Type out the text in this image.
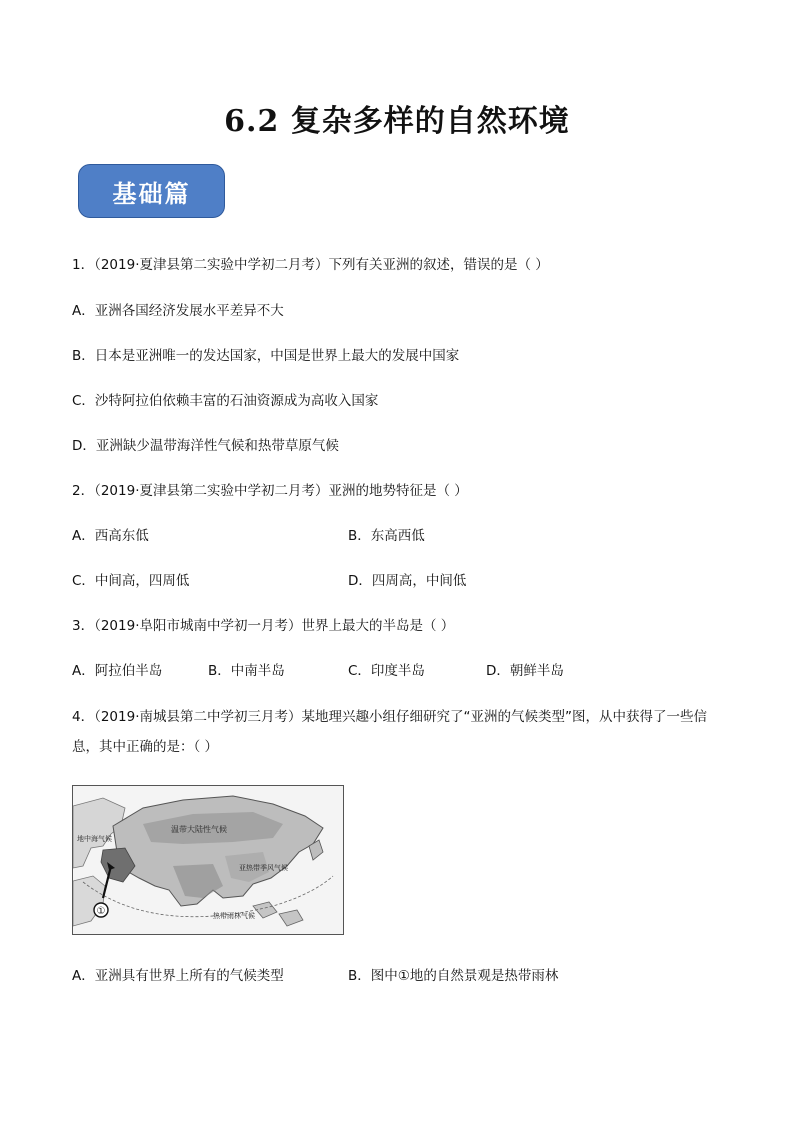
6.2 复杂多样的自然环境
基础篇
1．（2019·夏津县第二实验中学初二月考）下列有关亚洲的叙述，错误的是（ ）
A．亚洲各国经济发展水平差异不大
B．日本是亚洲唯一的发达国家，中国是世界上最大的发展中国家
C．沙特阿拉伯依赖丰富的石油资源成为高收入国家
D．亚洲缺少温带海洋性气候和热带草原气候
2．（2019·夏津县第二实验中学初二月考）亚洲的地势特征是（ ）
A．西高东低	B．东高西低
C．中间高，四周低	D．四周高，中间低
3．（2019·阜阳市城南中学初一月考）世界上最大的半岛是（ ）
A．阿拉伯半岛	B．中南半岛	C．印度半岛	D．朝鲜半岛
4．（2019·南城县第二中学初三月考）某地理兴趣小组仔细研究了“亚洲的气候类型”图，从中获得了一些信
息，其中正确的是：（ ）
①
温带大陆性气候
地中海气候
亚热带季风气候
热带雨林气候
A．亚洲具有世界上所有的气候类型	B．图中①地的自然景观是热带雨林
